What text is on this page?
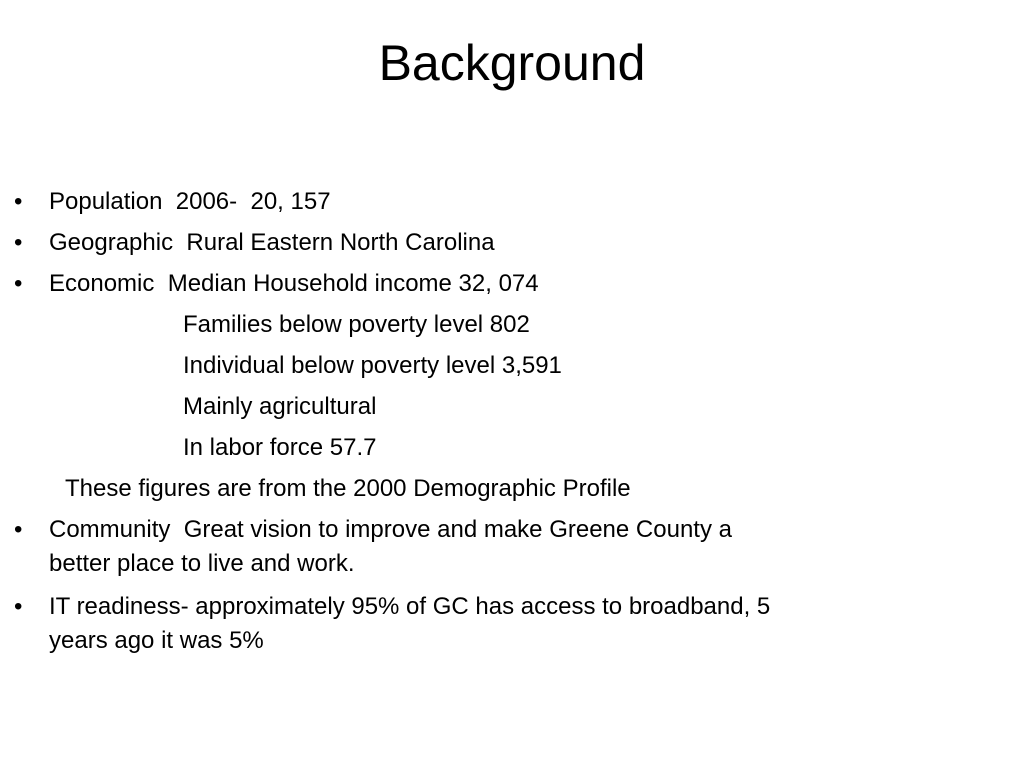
Background
• Population  2006-  20, 157
• Geographic  Rural Eastern North Carolina
• Economic  Median Household income 32, 074
Families below poverty level 802
Individual below poverty level 3,591
Mainly agricultural
In labor force 57.7
These figures are from the 2000 Demographic Profile
• Community  Great vision to improve and make Greene County a
better place to live and work.
• IT readiness- approximately 95% of GC has access to broadband, 5
years ago it was 5%
